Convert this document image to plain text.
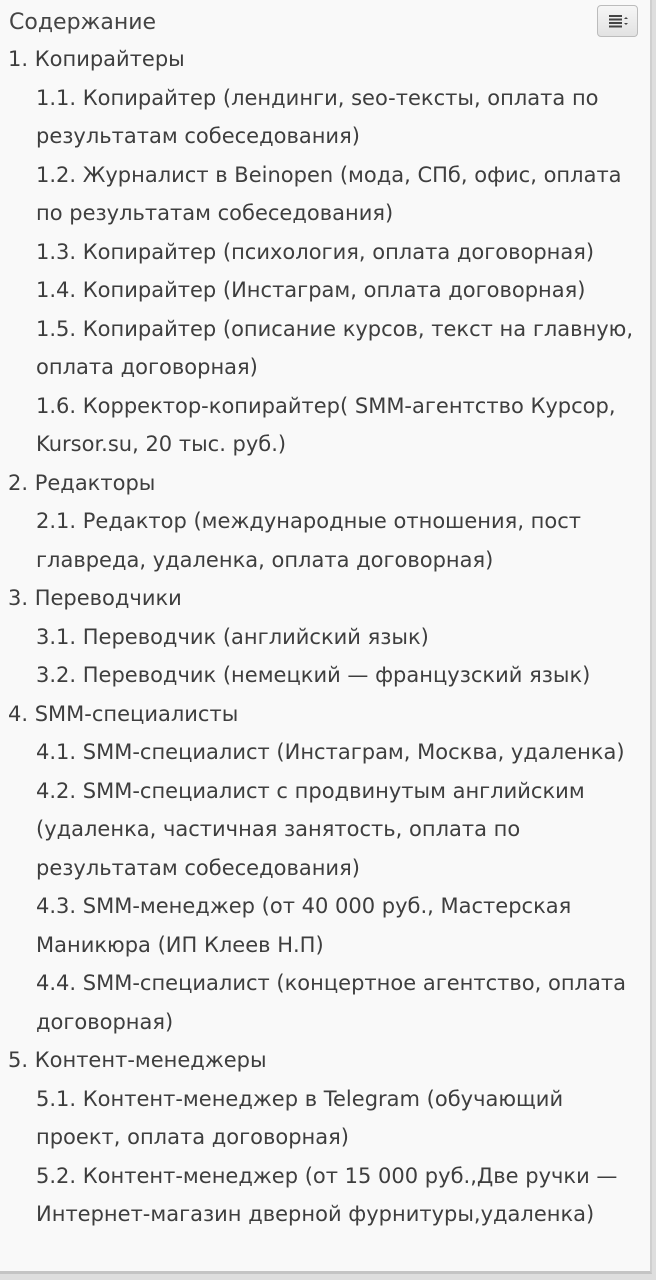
Содержание
1. Копирайтеры
1.1. Копирайтер (лендинги, seo-тексты, оплата по результатам собеседования)
1.2. Журналист в Beinopen (мода, СПб, офис, оплата по результатам собеседования)
1.3. Копирайтер (психология, оплата договорная)
1.4. Копирайтер (Инстаграм, оплата договорная)
1.5. Копирайтер (описание курсов, текст на главную, оплата договорная)
1.6. Корректор-копирайтер( SMM-агентство Курсор, Kursor.su, 20 тыс. руб.)
2. Редакторы
2.1. Редактор (международные отношения, пост главреда, удаленка, оплата договорная)
3. Переводчики
3.1. Переводчик (английский язык)
3.2. Переводчик (немецкий — французский язык)
4. SMM-специалисты
4.1. SMM-специалист (Инстаграм, Москва, удаленка)
4.2. SMM-специалист с продвинутым английским (удаленка, частичная занятость, оплата по результатам собеседования)
4.3. SMM-менеджер (от 40 000 руб., Мастерская Маникюра (ИП Клеев Н.П)
4.4. SMM-специалист (концертное агентство, оплата договорная)
5. Контент-менеджеры
5.1. Контент-менеджер в Telegram (обучающий проект, оплата договорная)
5.2. Контент-менеджер (от 15 000 руб.,Две ручки — Интернет-магазин дверной фурнитуры,удаленка)
